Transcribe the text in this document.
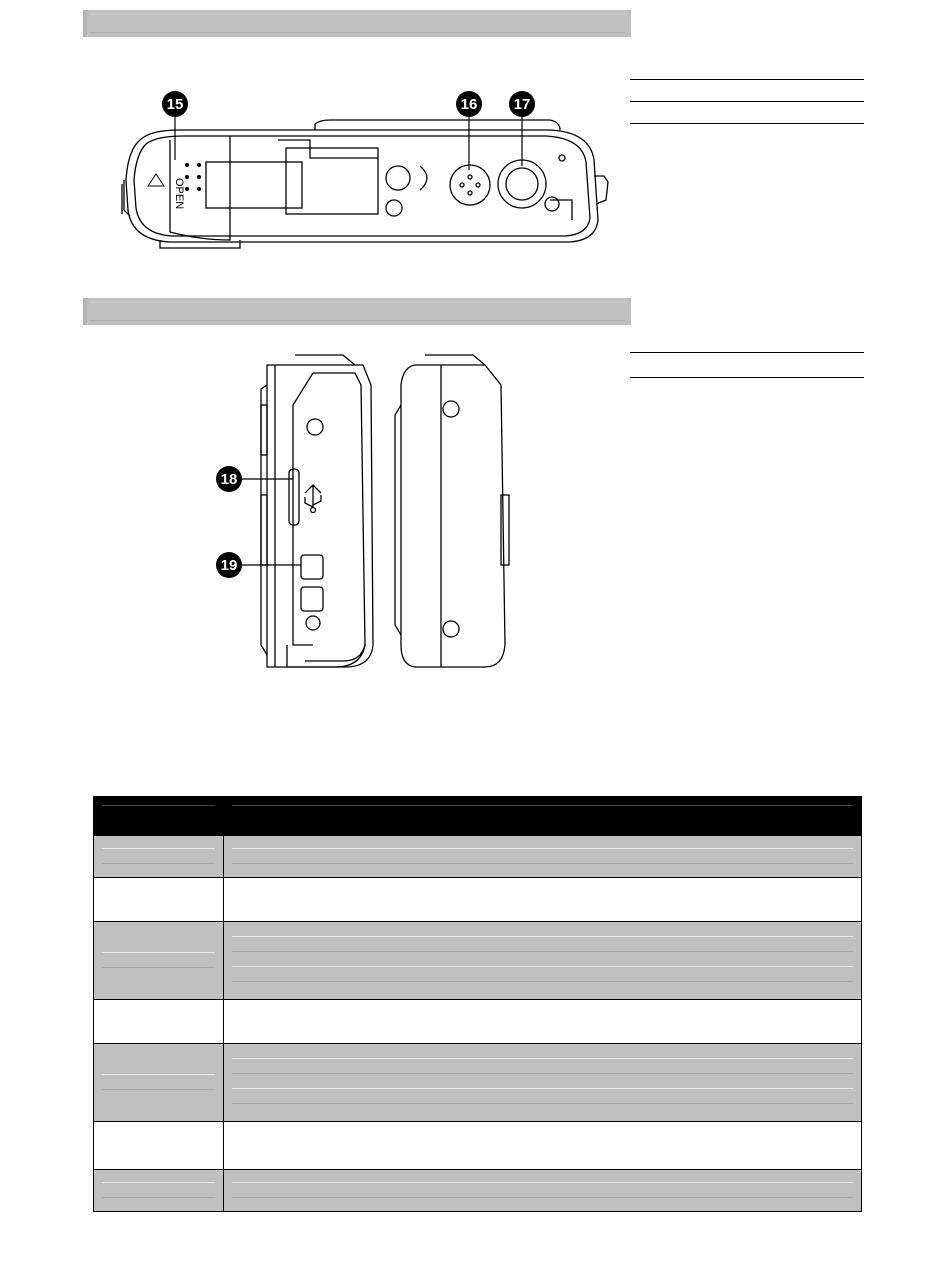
OPEN
15	16 17
18
19
